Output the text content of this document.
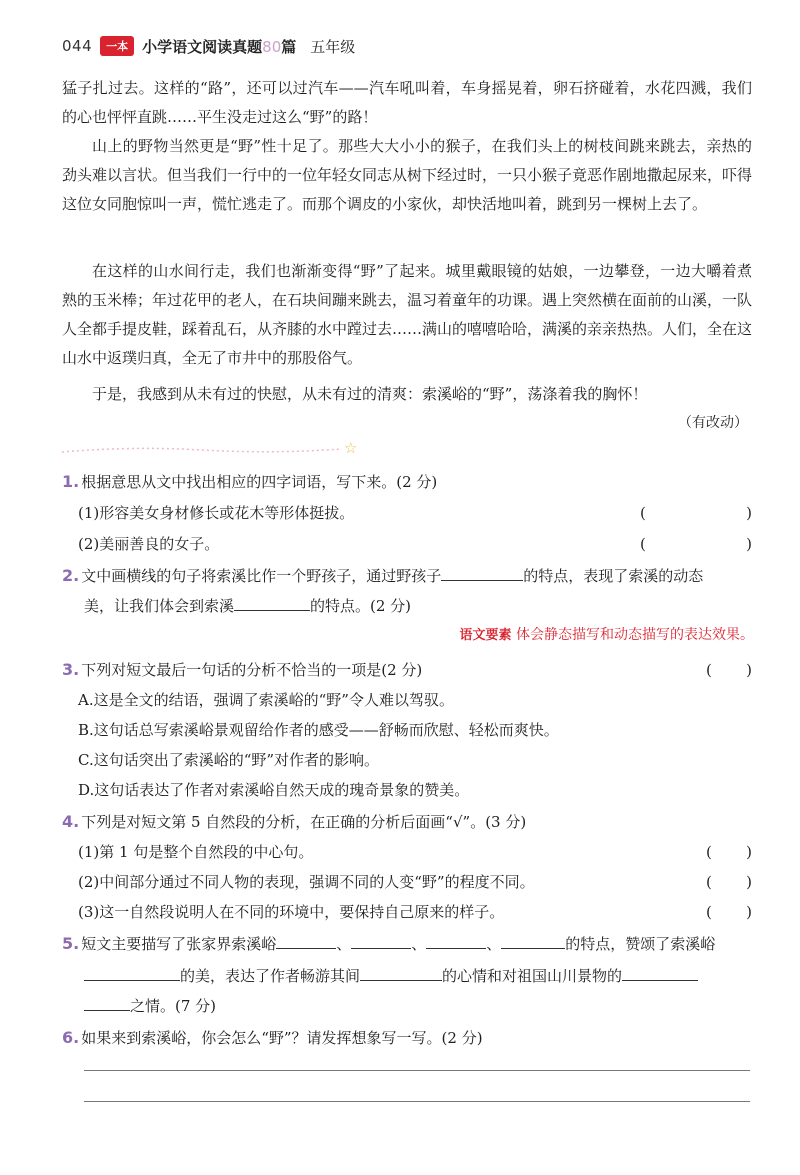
044	一本 小学语文阅读真题80篇 五年级

猛子扎过去。这样的“路”，还可以过汽车——汽车吼叫着，车身摇晃着，卵石挤碰着，水花四溅，我们的心也怦怦直跳……平生没走过这么“野”的路！

山上的野物当然更是“野”性十足了。那些大大小小的猴子，在我们头上的树枝间跳来跳去，亲热的劲头难以言状。但当我们一行中的一位年轻女同志从树下经过时，一只小猴子竟恶作剧地撒起尿来，吓得这位女同胞惊叫一声，慌忙逃走了。而那个调皮的小家伙，却快活地叫着，跳到另一棵树上去了。

在这样的山水间行走，我们也渐渐变得“野”了起来。城里戴眼镜的姑娘，一边攀登，一边大嚼着煮熟的玉米棒；年过花甲的老人，在石块间蹦来跳去，温习着童年的功课。遇上突然横在面前的山溪，一队人全都手提皮鞋，踩着乱石，从齐膝的水中蹚过去……满山的嘻嘻哈哈，满溪的亲亲热热。人们，全在这山水中返璞归真，全无了市井中的那股俗气。

于是，我感到从未有过的快慰，从未有过的清爽：索溪峪的“野”，荡涤着我的胸怀！

（有改动）
☆

1. 根据意思从文中找出相应的四字词语，写下来。(2 分)

(1)形容美女身材修长或花木等形体挺拔。	(	)
(2)美丽善良的女子。	(	)

2. 文中画横线的句子将索溪比作一个野孩子，通过野孩子	的特点，表现了索溪的动态

美，让我们体会到索溪	的特点。(2 分)

语文要素 体会静态描写和动态描写的表达效果。
3. 下列对短文最后一句话的分析不恰当的一项是(2 分)	( )
A.这是全文的结语，强调了索溪峪的“野”令人难以驾驭。
B.这句话总写索溪峪景观留给作者的感受——舒畅而欣慰、轻松而爽快。
C.这句话突出了索溪峪的“野”对作者的影响。
D.这句话表达了作者对索溪峪自然天成的瑰奇景象的赞美。

4. 下列是对短文第 5 自然段的分析，在正确的分析后面画“√”。(3 分)

(1)第 1 句是整个自然段的中心句。	( )
(2)中间部分通过不同人物的表现，强调不同的人变“野”的程度不同。	( )
(3)这一自然段说明人在不同的环境中，要保持自己原来的样子。	( )

5. 短文主要描写了张家界索溪峪	、	、	、	的特点，赞颂了索溪峪

的美，表达了作者畅游其间	的心情和对祖国山川景物的

之情。(7 分)

6. 如果来到索溪峪，你会怎么“野”？请发挥想象写一写。(2 分)
